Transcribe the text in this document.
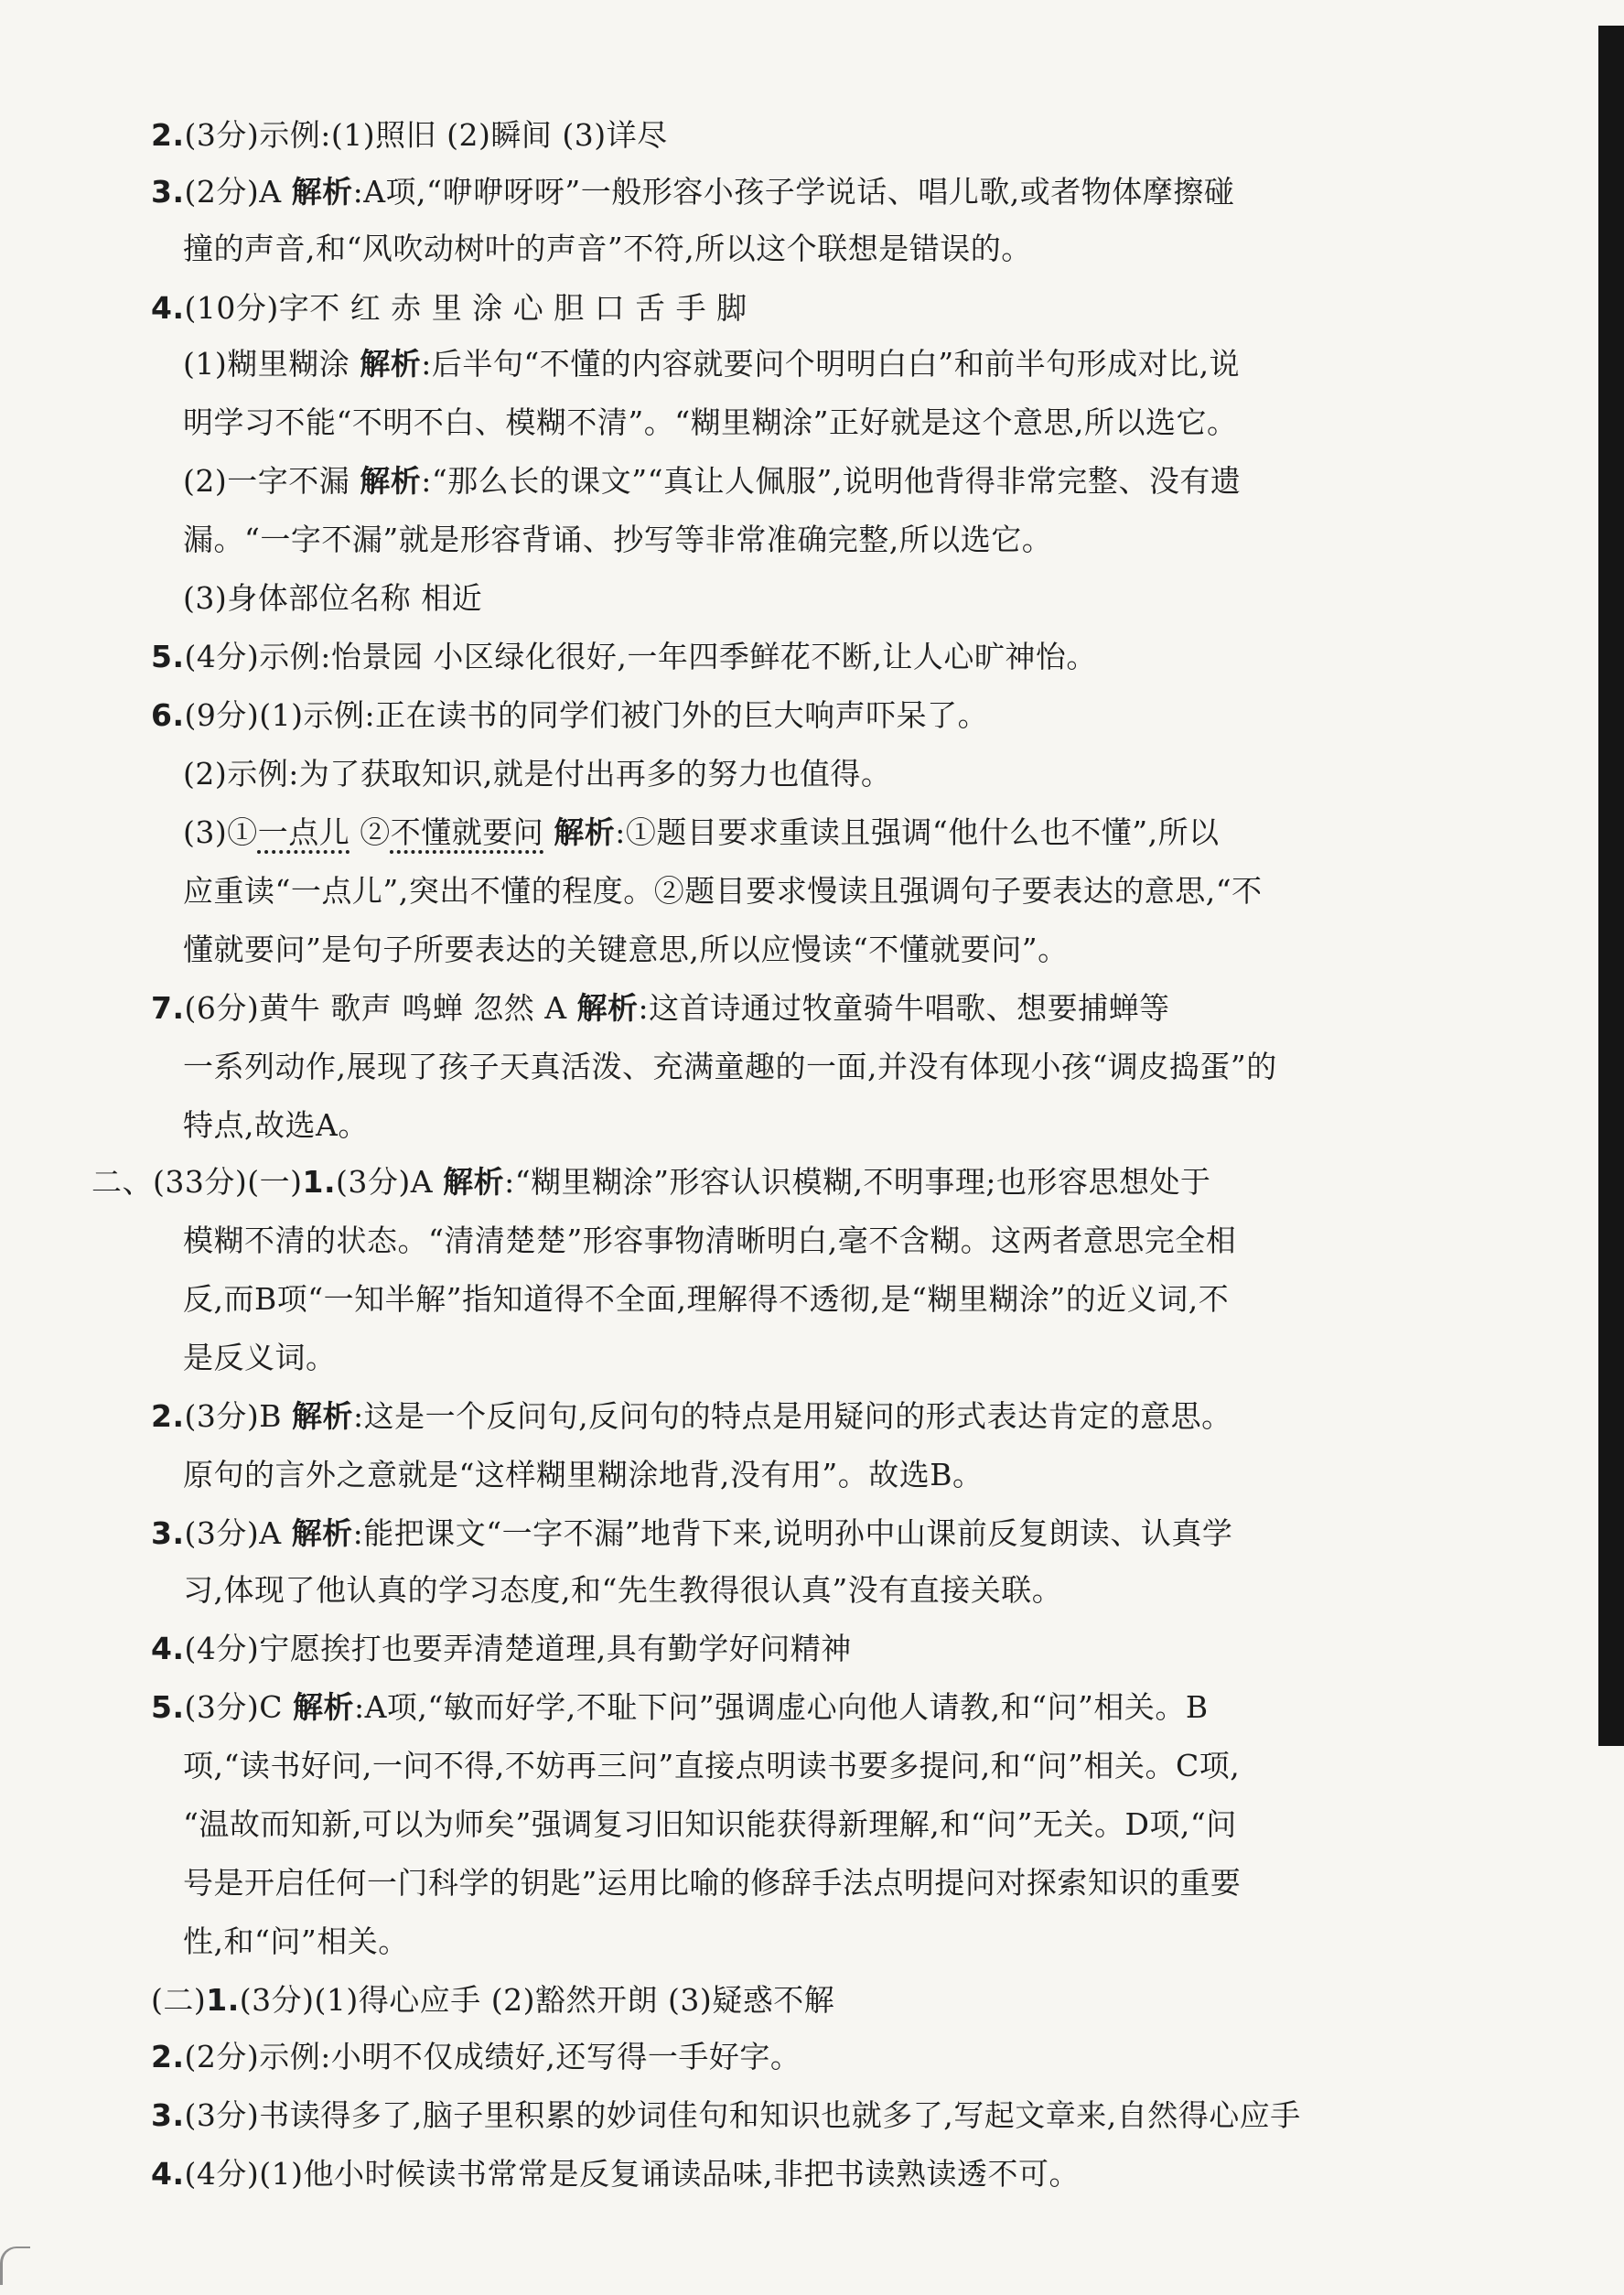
2.(3分)示例:(1)照旧 (2)瞬间 (3)详尽
3.(2分)A 解析:A项,“咿咿呀呀”一般形容小孩子学说话、唱儿歌,或者物体摩擦碰
撞的声音,和“风吹动树叶的声音”不符,所以这个联想是错误的。
4.(10分)字不 红 赤 里 涂 心 胆 口 舌 手 脚
(1)糊里糊涂 解析:后半句“不懂的内容就要问个明明白白”和前半句形成对比,说
明学习不能“不明不白、模糊不清”。“糊里糊涂”正好就是这个意思,所以选它。
(2)一字不漏 解析:“那么长的课文”“真让人佩服”,说明他背得非常完整、没有遗
漏。“一字不漏”就是形容背诵、抄写等非常准确完整,所以选它。
(3)身体部位名称 相近
5.(4分)示例:怡景园 小区绿化很好,一年四季鲜花不断,让人心旷神怡。
6.(9分)(1)示例:正在读书的同学们被门外的巨大响声吓呆了。
(2)示例:为了获取知识,就是付出再多的努力也值得。
(3)①一点儿 ②不懂就要问 解析:①题目要求重读且强调“他什么也不懂”,所以
应重读“一点儿”,突出不懂的程度。②题目要求慢读且强调句子要表达的意思,“不
懂就要问”是句子所要表达的关键意思,所以应慢读“不懂就要问”。
7.(6分)黄牛 歌声 鸣蝉 忽然 A 解析:这首诗通过牧童骑牛唱歌、想要捕蝉等
一系列动作,展现了孩子天真活泼、充满童趣的一面,并没有体现小孩“调皮捣蛋”的
特点,故选A。
二、(33分)(一)1.(3分)A 解析:“糊里糊涂”形容认识模糊,不明事理;也形容思想处于
模糊不清的状态。“清清楚楚”形容事物清晰明白,毫不含糊。这两者意思完全相
反,而B项“一知半解”指知道得不全面,理解得不透彻,是“糊里糊涂”的近义词,不
是反义词。
2.(3分)B 解析:这是一个反问句,反问句的特点是用疑问的形式表达肯定的意思。
原句的言外之意就是“这样糊里糊涂地背,没有用”。故选B。
3.(3分)A 解析:能把课文“一字不漏”地背下来,说明孙中山课前反复朗读、认真学
习,体现了他认真的学习态度,和“先生教得很认真”没有直接关联。
4.(4分)宁愿挨打也要弄清楚道理,具有勤学好问精神
5.(3分)C 解析:A项,“敏而好学,不耻下问”强调虚心向他人请教,和“问”相关。B
项,“读书好问,一问不得,不妨再三问”直接点明读书要多提问,和“问”相关。C项,
“温故而知新,可以为师矣”强调复习旧知识能获得新理解,和“问”无关。D项,“问
号是开启任何一门科学的钥匙”运用比喻的修辞手法点明提问对探索知识的重要
性,和“问”相关。
(二)1.(3分)(1)得心应手 (2)豁然开朗 (3)疑惑不解
2.(2分)示例:小明不仅成绩好,还写得一手好字。
3.(3分)书读得多了,脑子里积累的妙词佳句和知识也就多了,写起文章来,自然得心应手
4.(4分)(1)他小时候读书常常是反复诵读品味,非把书读熟读透不可。
